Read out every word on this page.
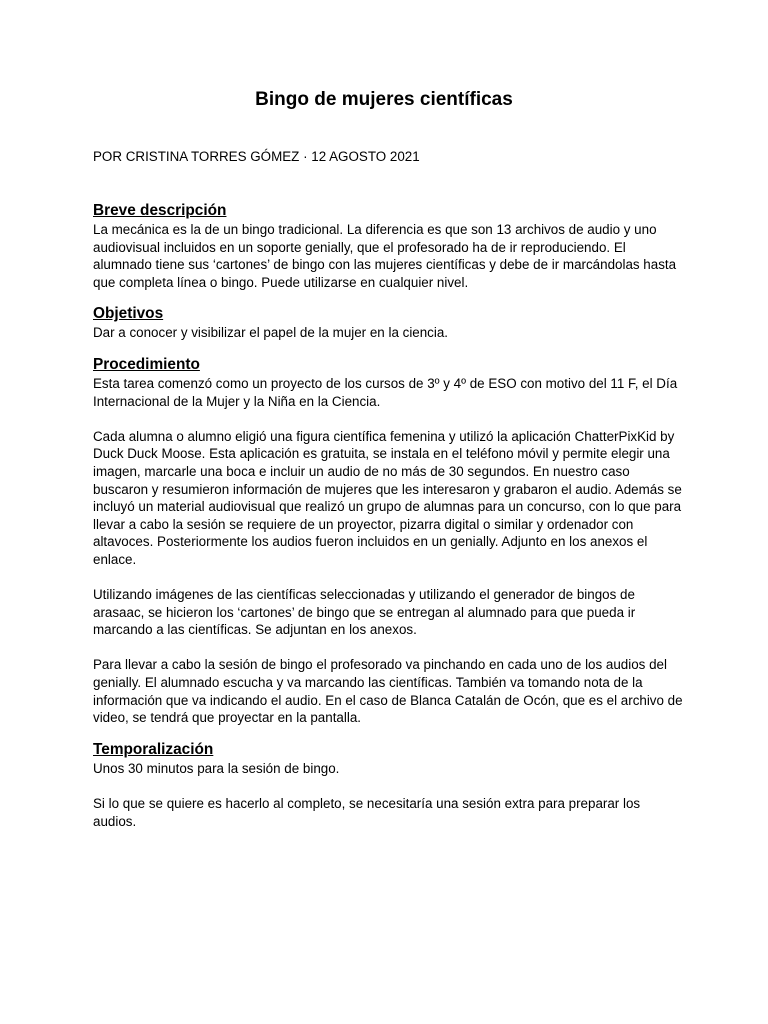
Bingo de mujeres científicas

POR CRISTINA TORRES GÓMEZ · 12 AGOSTO 2021

Breve descripción

La mecánica es la de un bingo tradicional. La diferencia es que son 13 archivos de audio y uno audiovisual incluidos en un soporte genially, que el profesorado ha de ir reproduciendo. El alumnado tiene sus ‘cartones’ de bingo con las mujeres científicas y debe de ir marcándolas hasta que completa línea o bingo. Puede utilizarse en cualquier nivel.

Objetivos

Dar a conocer y visibilizar el papel de la mujer en la ciencia.

Procedimiento

Esta tarea comenzó como un proyecto de los cursos de 3º y 4º de ESO con motivo del 11 F, el Día Internacional de la Mujer y la Niña en la Ciencia.

Cada alumna o alumno eligió una figura científica femenina y utilizó la aplicación ChatterPixKid by Duck Duck Moose. Esta aplicación es gratuita, se instala en el teléfono móvil y permite elegir una imagen, marcarle una boca e incluir un audio de no más de 30 segundos. En nuestro caso buscaron y resumieron información de mujeres que les interesaron y grabaron el audio. Además se incluyó un material audiovisual que realizó un grupo de alumnas para un concurso, con lo que para llevar a cabo la sesión se requiere de un proyector, pizarra digital o similar y ordenador con altavoces. Posteriormente los audios fueron incluidos en un genially. Adjunto en los anexos el enlace.

Utilizando imágenes de las científicas seleccionadas y utilizando el generador de bingos de arasaac, se hicieron los ‘cartones’ de bingo que se entregan al alumnado para que pueda ir marcando a las científicas. Se adjuntan en los anexos.

Para llevar a cabo la sesión de bingo el profesorado va pinchando en cada uno de los audios del genially. El alumnado escucha y va marcando las científicas. También va tomando nota de la información que va indicando el audio. En el caso de Blanca Catalán de Ocón, que es el archivo de video, se tendrá que proyectar en la pantalla.

Temporalización

Unos 30 minutos para la sesión de bingo.

Si lo que se quiere es hacerlo al completo, se necesitaría una sesión extra para preparar los audios.
